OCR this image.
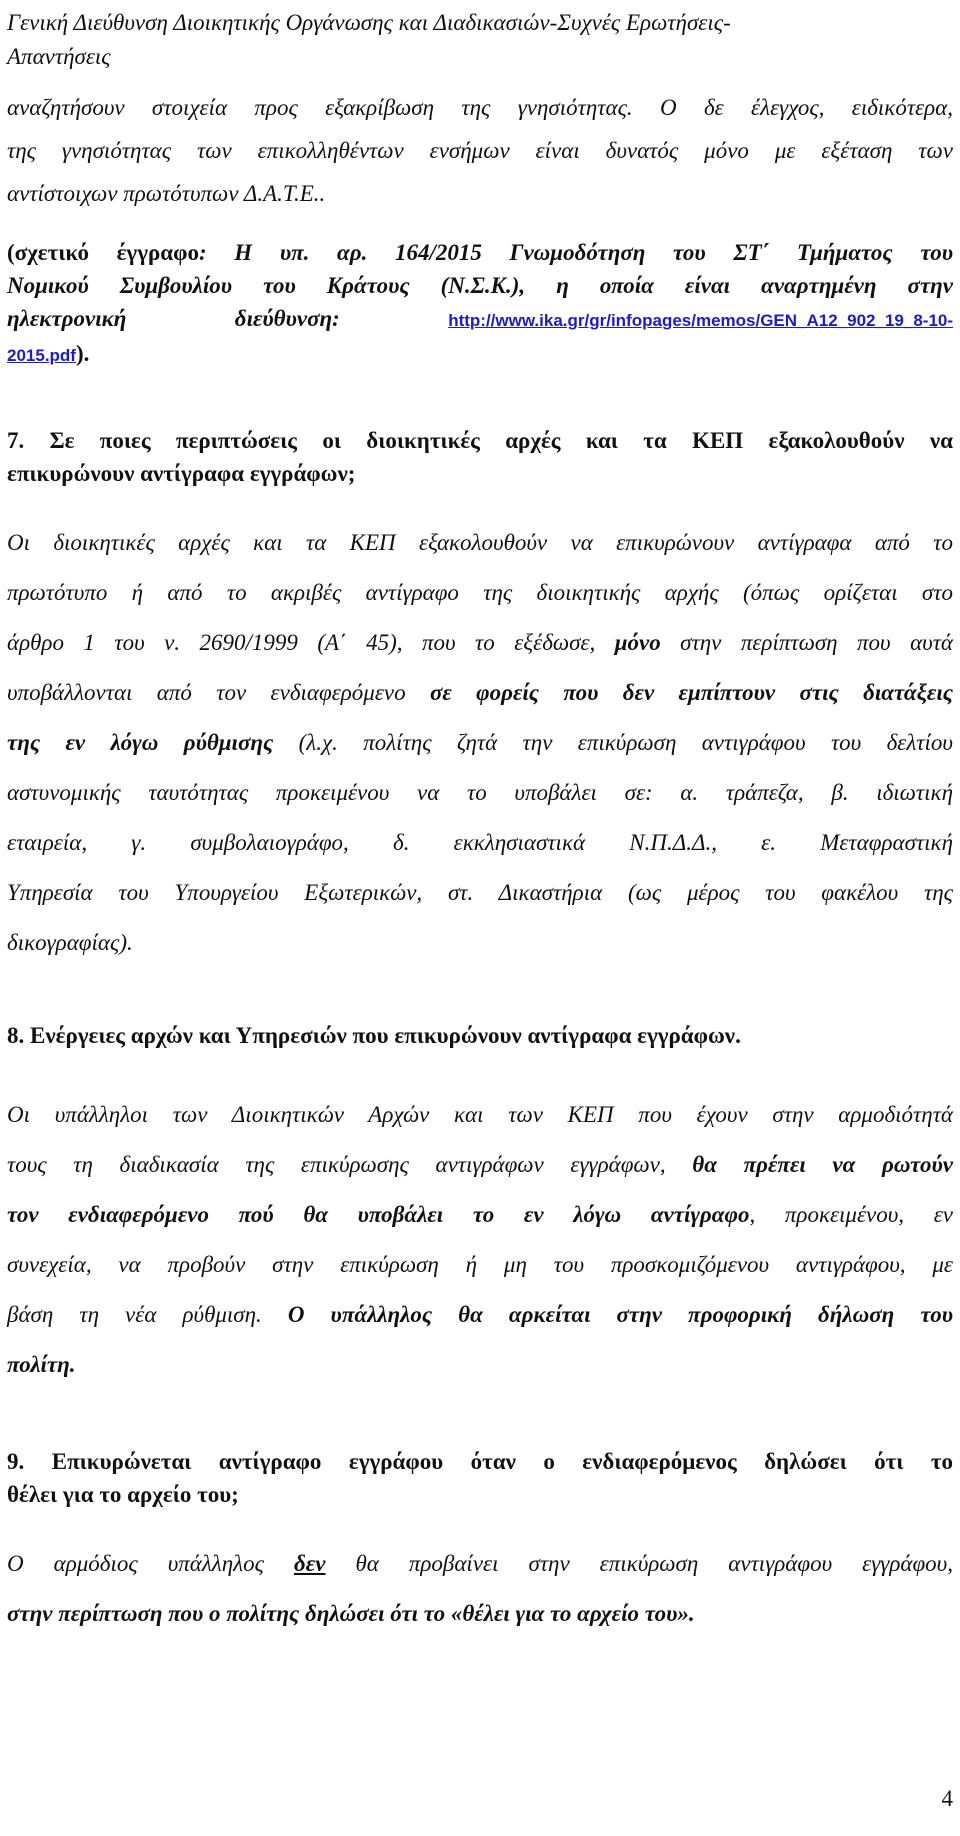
Γενική Διεύθυνση Διοικητικής Οργάνωσης και Διαδικασιών-Συχνές Ερωτήσεις-
Απαντήσεις
αναζητήσουν στοιχεία προς εξακρίβωση της γνησιότητας. Ο δε έλεγχος, ειδικότερα,
της γνησιότητας των επικολληθέντων ενσήμων είναι δυνατός μόνο με εξέταση των
αντίστοιχων πρωτότυπων Δ.Α.Τ.Ε..
(σχετικό έγγραφο: Η υπ. αρ. 164/2015 Γνωμοδότηση του ΣΤ΄ Τμήματος του
Νομικού Συμβουλίου του Κράτους (Ν.Σ.Κ.), η οποία είναι αναρτημένη στην
ηλεκτρονική διεύθυνση:	http://www.ika.gr/gr/infopages/memos/GEN_A12_902_19_8-10-
2015.pdf).
7. Σε ποιες περιπτώσεις οι διοικητικές αρχές και τα ΚΕΠ εξακολουθούν να
επικυρώνουν αντίγραφα εγγράφων;
Οι διοικητικές αρχές και τα ΚΕΠ εξακολουθούν να επικυρώνουν αντίγραφα από το
πρωτότυπο ή από το ακριβές αντίγραφο της διοικητικής αρχής (όπως ορίζεται στο
άρθρο 1 του ν. 2690/1999 (Α΄ 45), που το εξέδωσε, μόνο στην περίπτωση που αυτά
υποβάλλονται από τον ενδιαφερόμενο σε φορείς που δεν εμπίπτουν στις διατάξεις
της εν λόγω ρύθμισης (λ.χ. πολίτης ζητά την επικύρωση αντιγράφου του δελτίου
αστυνομικής ταυτότητας προκειμένου να το υποβάλει σε: α. τράπεζα, β. ιδιωτική
εταιρεία, γ. συμβολαιογράφο, δ. εκκλησιαστικά Ν.Π.Δ.Δ., ε. Μεταφραστική
Υπηρεσία του Υπουργείου Εξωτερικών, στ. Δικαστήρια (ως μέρος του φακέλου της
δικογραφίας).
8. Ενέργειες αρχών και Υπηρεσιών που επικυρώνουν αντίγραφα εγγράφων.
Οι υπάλληλοι των Διοικητικών Αρχών και των ΚΕΠ που έχουν στην αρμοδιότητά
τους τη διαδικασία της επικύρωσης αντιγράφων εγγράφων, θα πρέπει να ρωτούν
τον ενδιαφερόμενο πού θα υποβάλει το εν λόγω αντίγραφο, προκειμένου, εν
συνεχεία, να προβούν στην επικύρωση ή μη του προσκομιζόμενου αντιγράφου, με
βάση τη νέα ρύθμιση. Ο υπάλληλος θα αρκείται στην προφορική δήλωση του
πολίτη.
9. Επικυρώνεται αντίγραφο εγγράφου όταν ο ενδιαφερόμενος δηλώσει ότι το
θέλει για το αρχείο του;
Ο αρμόδιος υπάλληλος δεν θα προβαίνει στην επικύρωση αντιγράφου εγγράφου,
στην περίπτωση που ο πολίτης δηλώσει ότι το «θέλει για το αρχείο του».
4
